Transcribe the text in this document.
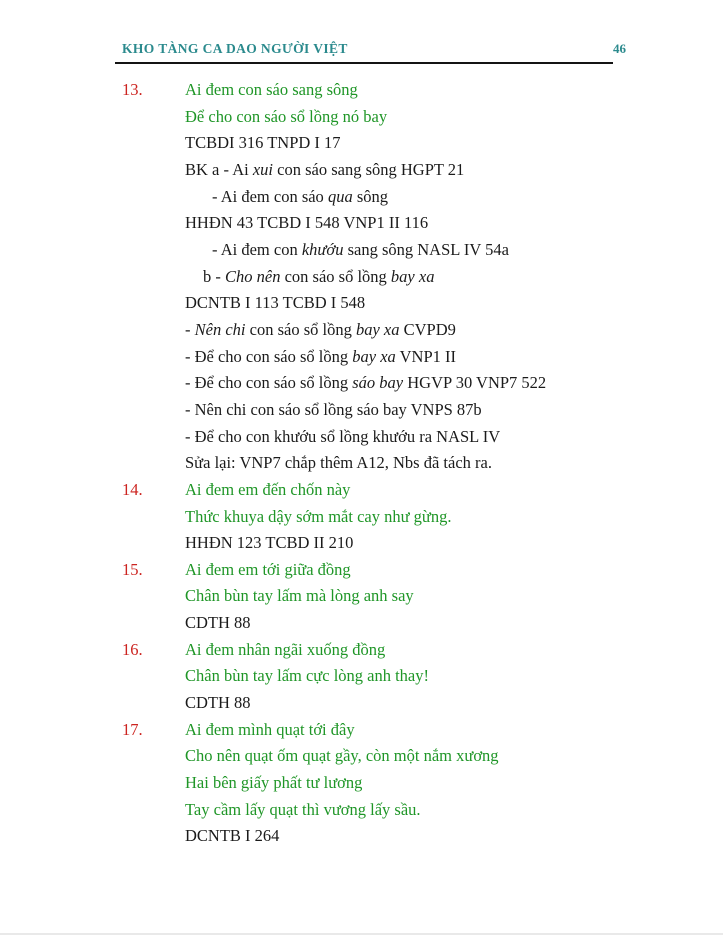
KHO TÀNG CA DAO NGƯỜI VIỆT	46
13.	Ai đem con sáo sang sông
Để cho con sáo sổ lồng nó bay
TCBDI 316 TNPD I 17
BK a - Ai xui con sáo sang sông HGPT 21
- Ai đem con sáo qua sông
HHĐN 43 TCBD I 548 VNP1 II 116
- Ai đem con khướu sang sông NASL IV 54a
b - Cho nên con sáo sổ lồng bay xa
DCNTB I 113 TCBD I 548
- Nên chi con sáo sổ lồng bay xa CVPD9
- Để cho con sáo sổ lồng bay xa VNP1 II
- Để cho con sáo sổ lồng sáo bay HGVP 30 VNP7 522
- Nên chi con sáo sổ lồng sáo bay VNPS 87b
- Để cho con khướu sổ lồng khướu ra NASL IV
Sửa lại: VNP7 chắp thêm A12, Nbs đã tách ra.
14.	Ai đem em đến chốn này
Thức khuya dậy sớm mắt cay như gừng.
HHĐN 123 TCBD II 210
15.	Ai đem em tới giữa đồng
Chân bùn tay lấm mà lòng anh say
CDTH 88
16.	Ai đem nhân ngãi xuống đồng
Chân bùn tay lấm cực lòng anh thay!
CDTH 88
17.	Ai đem mình quạt tới đây
Cho nên quạt ốm quạt gầy, còn một nắm xương
Hai bên giấy phất tư lương
Tay cầm lấy quạt thì vương lấy sầu.
DCNTB I 264
